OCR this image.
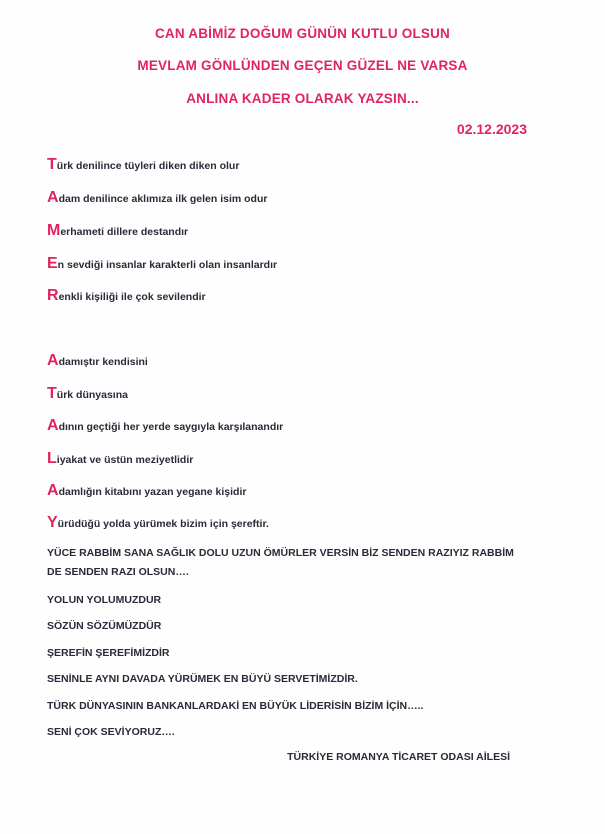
CAN ABİMİZ DOĞUM GÜNÜN KUTLU OLSUN
MEVLAM GÖNLÜNDEN GEÇEN GÜZEL NE VARSA
ANLINA KADER OLARAK YAZSIN...
02.12.2023
Türk denilince tüyleri diken diken olur
Adam denilince aklımıza ilk gelen isim odur
Merhameti dillere destandır
En sevdiği insanlar karakterli olan insanlardır
Renkli kişiliği ile çok sevilendir
Adamıştır kendisini
Türk dünyasına
Adının geçtiği her yerde saygıyla karşılanandır
Liyakat ve üstün meziyetlidir
Adamlığın kitabını yazan yegane kişidir
Yürüdüğü yolda yürümek bizim için şereftir.
YÜCE RABBİM SANA SAĞLIK DOLU UZUN ÖMÜRLER VERSİN BİZ SENDEN RAZIYIZ RABBİM
DE SENDEN RAZI OLSUN….
YOLUN YOLUMUZDUR
SÖZÜN SÖZÜMÜZDÜR
ŞEREFİN ŞEREFİMİZDİR
SENİNLE AYNI DAVADA YÜRÜMEK EN BÜYÜ SERVETİMİZDİR.
TÜRK DÜNYASININ BANKANLARDAKİ EN BÜYÜK LİDERİSİN BİZİM İÇİN…..
SENİ ÇOK SEVİYORUZ….
TÜRKİYE ROMANYA TİCARET ODASI AİLESİ
